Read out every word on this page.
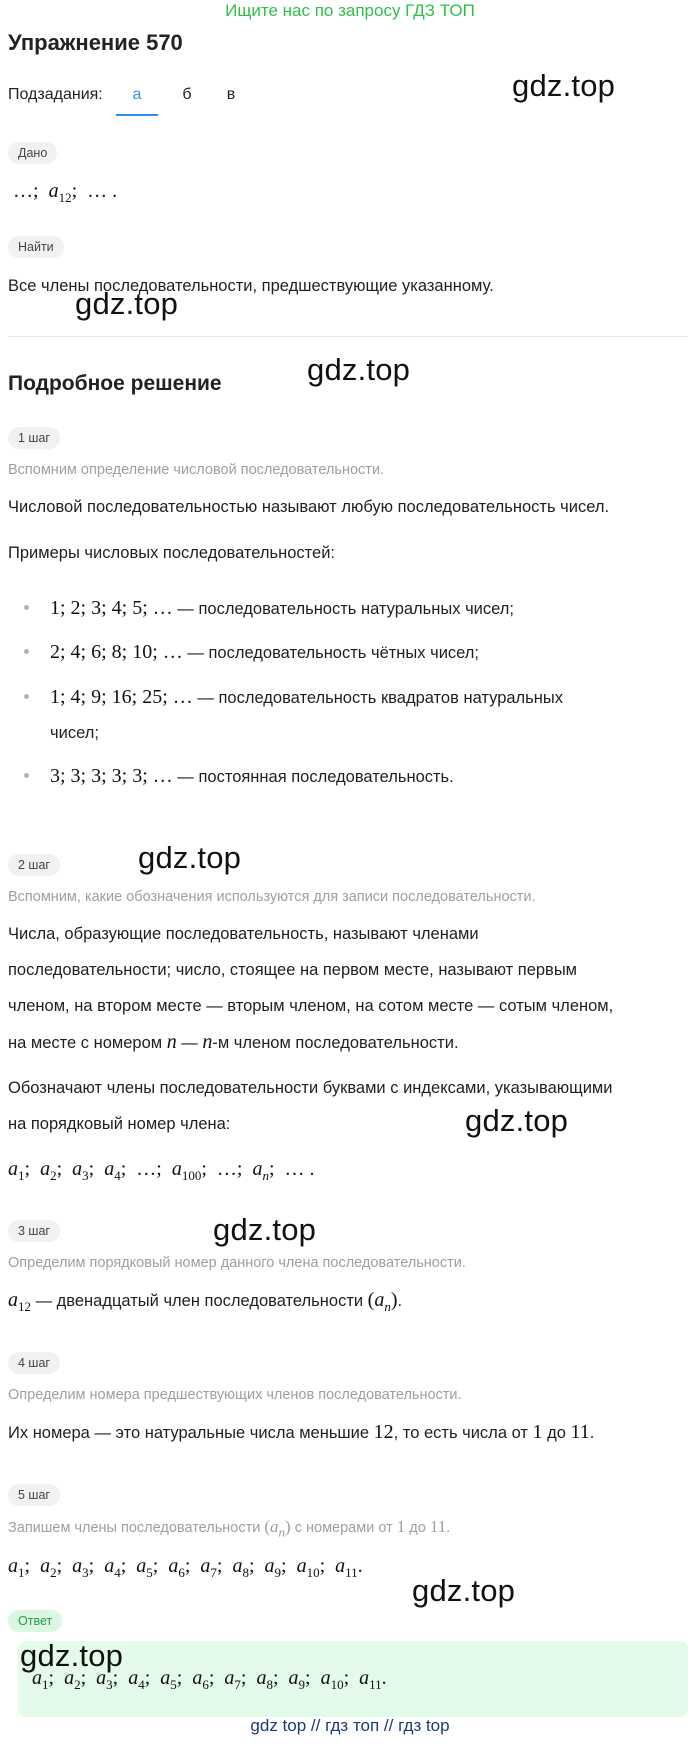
Ищите нас по запросу ГДЗ ТОП
Упражнение 570
Подзадания:	а	б	в	gdz.top
gdz.top
gdz.top
gdz.top
gdz.top
gdz.top
gdz.top
gdz.top
Дано
…;  $a_{12}$;  … .
Найти
Все члены последовательности, предшествующие указанному.
Подробное решение
1 шаг
Вспомним определение числовой последовательности.
Числовой последовательностью называют любую последовательность чисел.
Примеры числовых последовательностей:
1; 2; 3; 4; 5; … — последовательность натуральных чисел;
2; 4; 6; 8; 10; … — последовательность чётных чисел;
1; 4; 9; 16; 25; … — последовательность квадратов натуральных
чисел;
3; 3; 3; 3; 3; … — постоянная последовательность.
2 шаг
Вспомним, какие обозначения используются для записи последовательности.
Числа, образующие последовательность, называют членами
последовательности; число, стоящее на первом месте, называют первым
членом, на втором месте — вторым членом, на сотом месте — сотым членом,
на месте с номером n — n-м членом последовательности.
Обозначают члены последовательности буквами с индексами, указывающими
на порядковый номер члена:
$a_1$;  $a_2$;  $a_3$;  $a_4$;  …;  $a_{100}$;  …;  $a_n$;  … .
3 шаг
Определим порядковый номер данного члена последовательности.
$a_{12}$ — двенадцатый член последовательности $(a_n)$.
4 шаг
Определим номера предшествующих членов последовательности.
Их номера — это натуральные числа меньшие 12, то есть числа от 1 до 11.
5 шаг
Запишем члены последовательности $(a_n)$ с номерами от 1 до 11.
$a_1$;  $a_2$;  $a_3$;  $a_4$;  $a_5$;  $a_6$;  $a_7$;  $a_8$;  $a_9$;  $a_{10}$;  $a_{11}$.
Ответ
$a_1$;  $a_2$;  $a_3$;  $a_4$;  $a_5$;  $a_6$;  $a_7$;  $a_8$;  $a_9$;  $a_{10}$;  $a_{11}$.
gdz top // гдз топ // гдз top
